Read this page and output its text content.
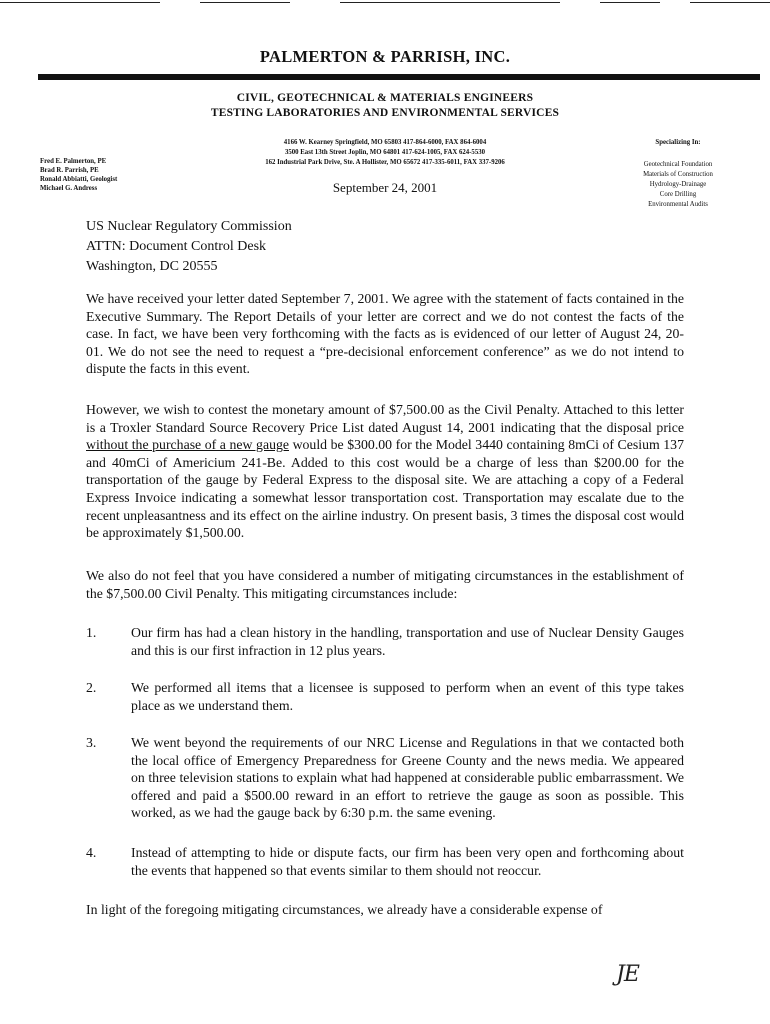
PALMERTON & PARRISH, INC.
CIVIL, GEOTECHNICAL & MATERIALS ENGINEERS
TESTING LABORATORIES AND ENVIRONMENTAL SERVICES
4166 W. Kearney Springfield, MO 65803 417-864-6000, FAX 864-6004
3500 East 13th Street Joplin, MO 64801 417-624-1005, FAX 624-5530
162 Industrial Park Drive, Ste. A Hollister, MO 65672 417-335-6011, FAX 337-9206
Fred E. Palmerton, PE
Brad R. Parrish, PE
Ronald Abbiatti, Geologist
Michael G. Andress
Specializing In:
Geotechnical Foundation
Materials of Construction
Hydrology-Drainage
Core Drilling
Environmental Audits
September 24, 2001
US Nuclear Regulatory Commission
ATTN: Document Control Desk
Washington, DC 20555
We have received your letter dated September 7, 2001. We agree with the statement of facts contained in the Executive Summary. The Report Details of your letter are correct and we do not contest the facts of the case. In fact, we have been very forthcoming with the facts as is evidenced of our letter of August 24, 20-01. We do not see the need to request a “pre-decisional enforcement conference” as we do not intend to dispute the facts in this event.
However, we wish to contest the monetary amount of $7,500.00 as the Civil Penalty. Attached to this letter is a Troxler Standard Source Recovery Price List dated August 14, 2001 indicating that the disposal price without the purchase of a new gauge would be $300.00 for the Model 3440 containing 8mCi of Cesium 137 and 40mCi of Americium 241-Be. Added to this cost would be a charge of less than $200.00 for the transportation of the gauge by Federal Express to the disposal site. We are attaching a copy of a Federal Express Invoice indicating a somewhat lessor transportation cost. Transportation may escalate due to the recent unpleasantness and its effect on the airline industry. On present basis, 3 times the disposal cost would be approximately $1,500.00.
We also do not feel that you have considered a number of mitigating circumstances in the establishment of the $7,500.00 Civil Penalty. This mitigating circumstances include:
1.	Our firm has had a clean history in the handling, transportation and use of Nuclear Density Gauges and this is our first infraction in 12 plus years.
2.	We performed all items that a licensee is supposed to perform when an event of this type takes place as we understand them.
3.	We went beyond the requirements of our NRC License and Regulations in that we contacted both the local office of Emergency Preparedness for Greene County and the news media. We appeared on three television stations to explain what had happened at considerable public embarrassment. We offered and paid a $500.00 reward in an effort to retrieve the gauge as soon as possible. This worked, as we had the gauge back by 6:30 p.m. the same evening.
4.	Instead of attempting to hide or dispute facts, our firm has been very open and forthcoming about the events that happened so that events similar to them should not reoccur.
In light of the foregoing mitigating circumstances, we already have a considerable expense of
JE
